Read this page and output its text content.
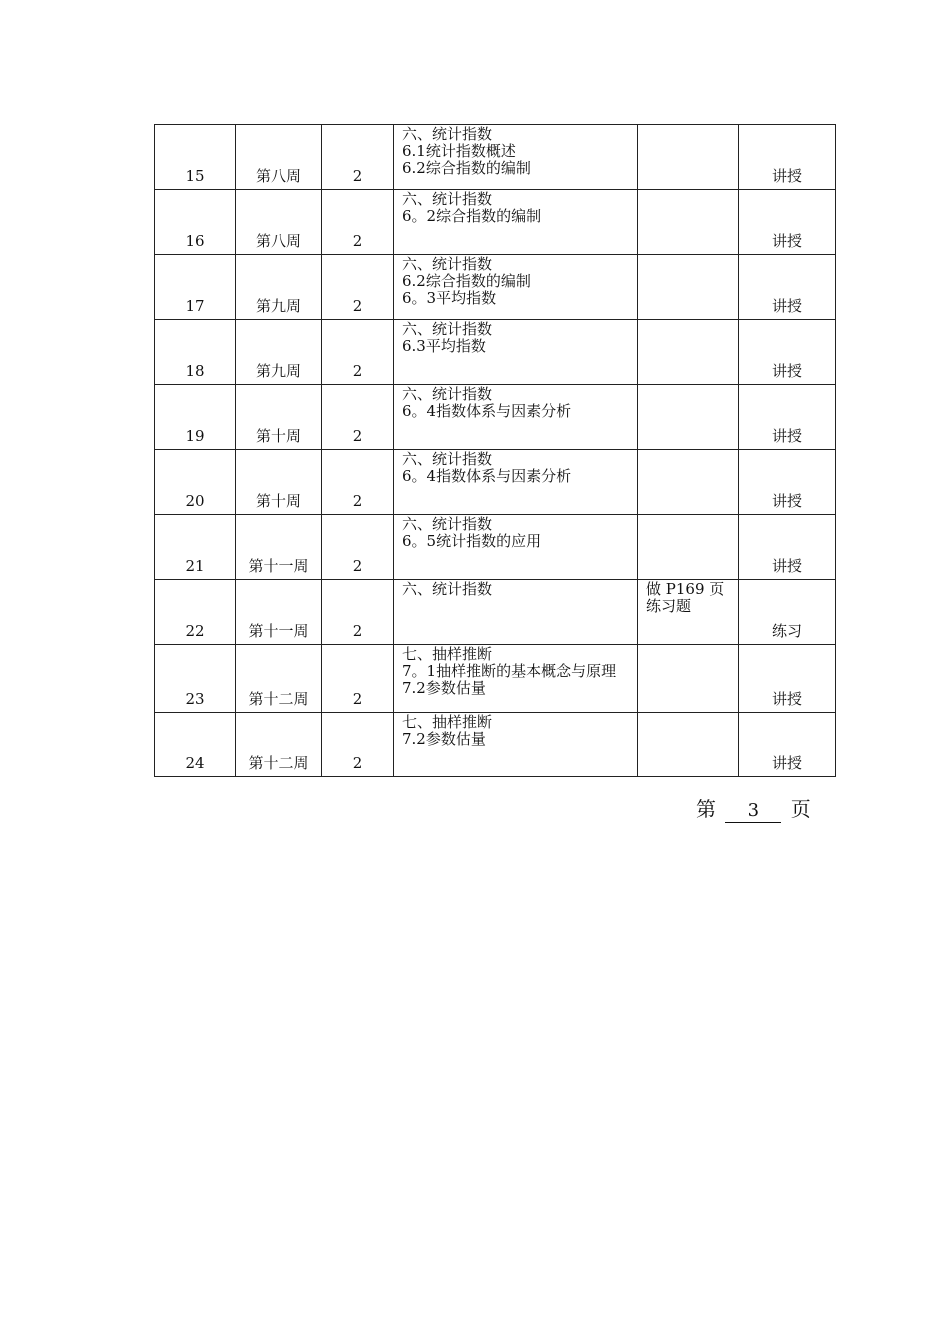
15	第八周	2	六、统计指数
6.1统计指数概述
6.2综合指数的编制		讲授
16	第八周	2	六、统计指数
6。2综合指数的编制		讲授
17	第九周	2	六、统计指数
6.2综合指数的编制
6。3平均指数		讲授
18	第九周	2	六、统计指数
6.3平均指数		讲授
19	第十周	2	六、统计指数
6。4指数体系与因素分析		讲授
20	第十周	2	六、统计指数
6。4指数体系与因素分析		讲授
21	第十一周	2	六、统计指数
6。5统计指数的应用		讲授
22	第十一周	2	六、统计指数	做 P169 页练习题	练习
23	第十二周	2	七、抽样推断
7。1抽样推断的基本概念与原理
7.2参数估量		讲授
24	第十二周	2	七、抽样推断
7.2参数估量		讲授
第 3 页
